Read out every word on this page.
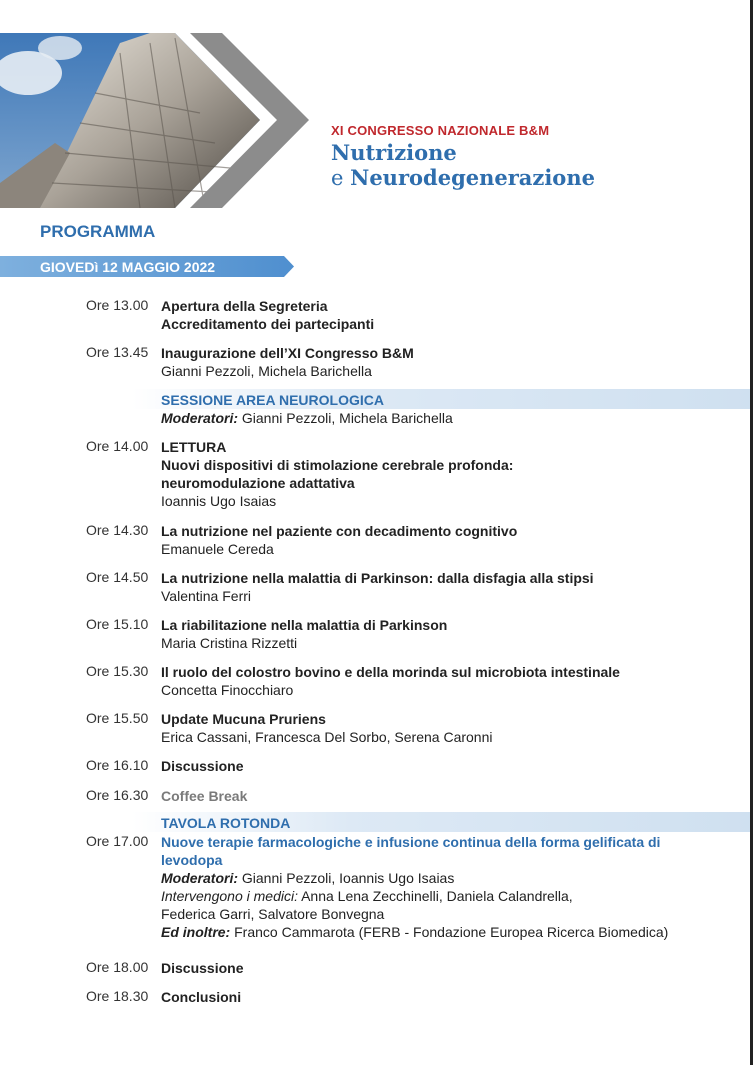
XI CONGRESSO NAZIONALE B&M
Nutrizione
e Neurodegenerazione
PROGRAMMA
GIOVEDì 12 MAGGIO 2022
Ore 13.00 Apertura della Segreteria
Accreditamento dei partecipanti
Ore 13.45 Inaugurazione dell’XI Congresso B&M
Gianni Pezzoli, Michela Barichella
SESSIONE AREA NEUROLOGICA
Moderatori: Gianni Pezzoli, Michela Barichella
Ore 14.00 LETTURA
Nuovi dispositivi di stimolazione cerebrale profonda:
neuromodulazione adattativa
Ioannis Ugo Isaias
Ore 14.30 La nutrizione nel paziente con decadimento cognitivo
Emanuele Cereda
Ore 14.50 La nutrizione nella malattia di Parkinson: dalla disfagia alla stipsi
Valentina Ferri
Ore 15.10 La riabilitazione nella malattia di Parkinson
Maria Cristina Rizzetti
Ore 15.30 Il ruolo del colostro bovino e della morinda sul microbiota intestinale
Concetta Finocchiaro
Ore 15.50 Update Mucuna Pruriens
Erica Cassani, Francesca Del Sorbo, Serena Caronni
Ore 16.10 Discussione
Ore 16.30 Coffee Break
TAVOLA ROTONDA
Ore 17.00 Nuove terapie farmacologiche e infusione continua della forma gelificata di
levodopa
Moderatori: Gianni Pezzoli, Ioannis Ugo Isaias
Intervengono i medici: Anna Lena Zecchinelli, Daniela Calandrella,
Federica Garri, Salvatore Bonvegna
Ed inoltre: Franco Cammarota (FERB - Fondazione Europea Ricerca Biomedica)
Ore 18.00 Discussione
Ore 18.30 Conclusioni
